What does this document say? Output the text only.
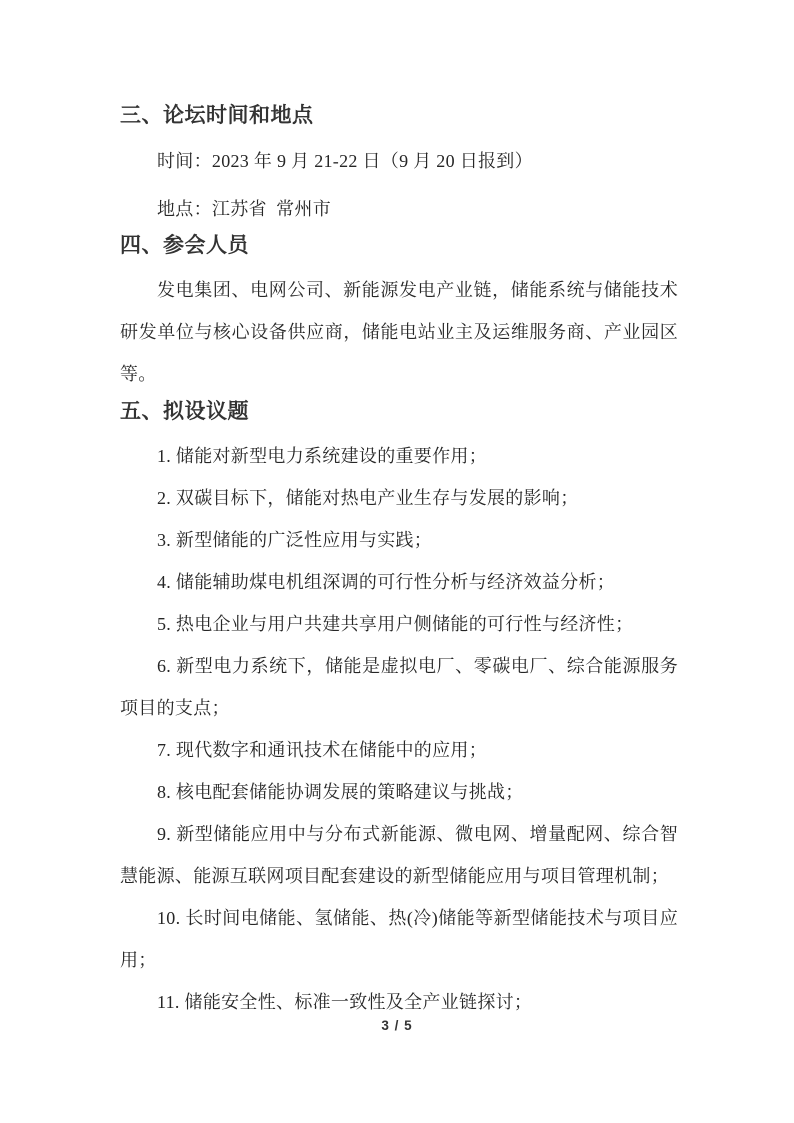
三、论坛时间和地点

时间：2023 年 9 月 21-22 日（9 月 20 日报到）

地点：江苏省 常州市

四、参会人员

发电集团、电网公司、新能源发电产业链，储能系统与储能技术研发单位与核心设备供应商，储能电站业主及运维服务商、产业园区等。

五、拟设议题

1. 储能对新型电力系统建设的重要作用；

2. 双碳目标下，储能对热电产业生存与发展的影响；

3. 新型储能的广泛性应用与实践；

4. 储能辅助煤电机组深调的可行性分析与经济效益分析；

5. 热电企业与用户共建共享用户侧储能的可行性与经济性；

6. 新型电力系统下，储能是虚拟电厂、零碳电厂、综合能源服务项目的支点；

7. 现代数字和通讯技术在储能中的应用；

8. 核电配套储能协调发展的策略建议与挑战；

9. 新型储能应用中与分布式新能源、微电网、增量配网、综合智慧能源、能源互联网项目配套建设的新型储能应用与项目管理机制；

10. 长时间电储能、氢储能、热(冷)储能等新型储能技术与项目应用；

11. 储能安全性、标准一致性及全产业链探讨；

3 / 5
